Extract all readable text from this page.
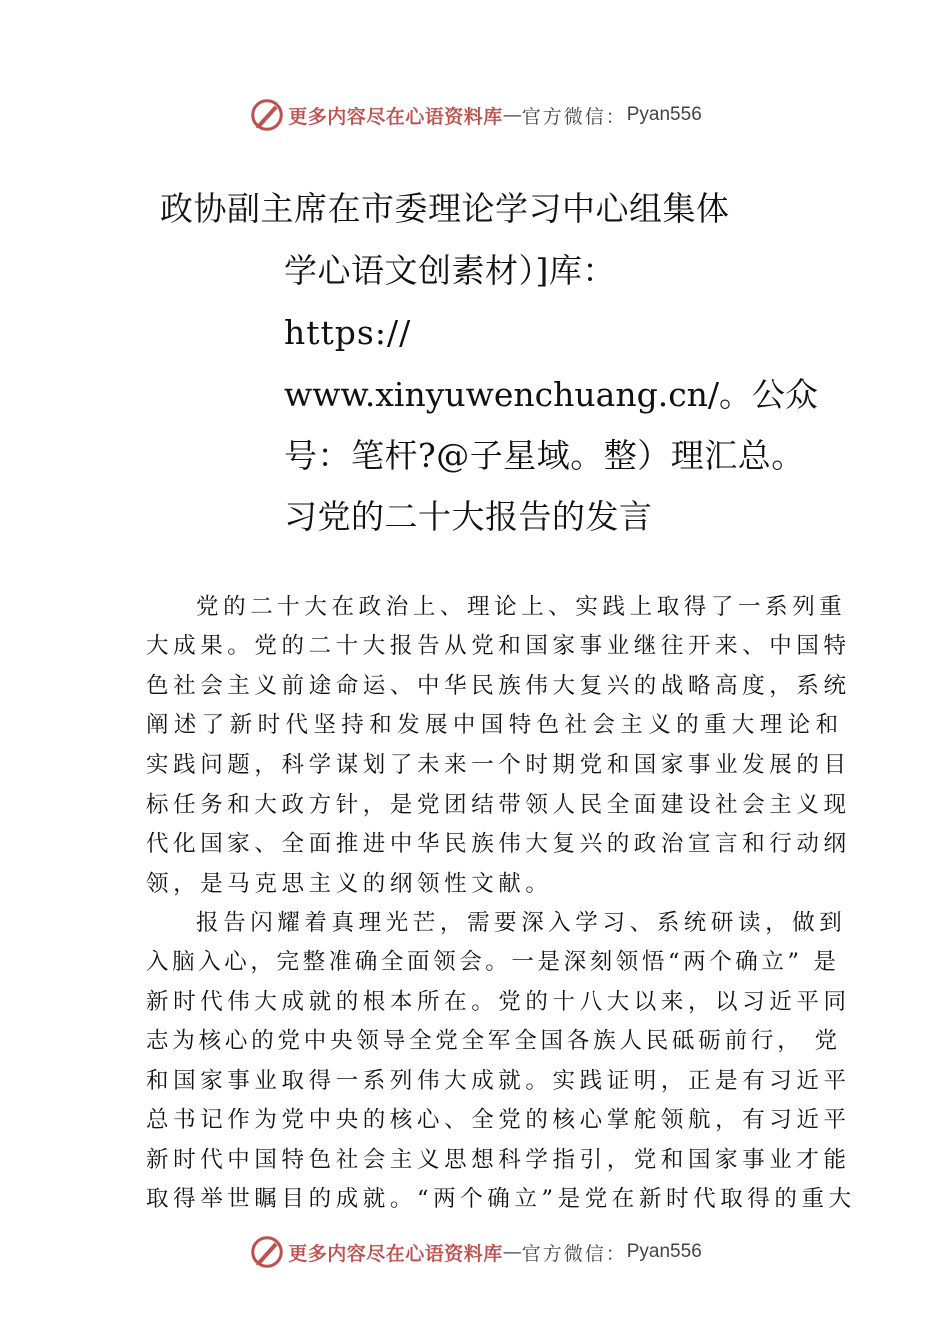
更多内容尽在心语资料库 — 官方微信： Pyan556
政协副主席在市委理论学习中心组集体
学心语文创素材）]库：
https://
www.xinyuwenchuang.cn/。公众
号：笔杆?@子星域。整）理汇总。
习党的二十大报告的发言
党的二十大在政治上、理论上、实践上取得了一系列重
大成果。党的二十大报告从党和国家事业继往开来、中国特
色社会主义前途命运、中华民族伟大复兴的战略高度，系统
阐述了新时代坚持和发展中国特色社会主义的重大理论和
实践问题，科学谋划了未来一个时期党和国家事业发展的目
标任务和大政方针，是党团结带领人民全面建设社会主义现
代化国家、全面推进中华民族伟大复兴的政治宣言和行动纲
领，是马克思主义的纲领性文献。
报告闪耀着真理光芒，需要深入学习、系统研读，做到
入脑入心，完整准确全面领会。一是深刻领悟“两个确立” 是
新时代伟大成就的根本所在。党的十八大以来，以习近平同
志为核心的党中央领导全党全军全国各族人民砥砺前行， 党
和国家事业取得一系列伟大成就。实践证明，正是有习近平
总书记作为党中央的核心、全党的核心掌舵领航，有习近平
新时代中国特色社会主义思想科学指引，党和国家事业才能
取得举世瞩目的成就。“两个确立”是党在新时代取得的重大
更多内容尽在心语资料库 — 官方微信： Pyan556
